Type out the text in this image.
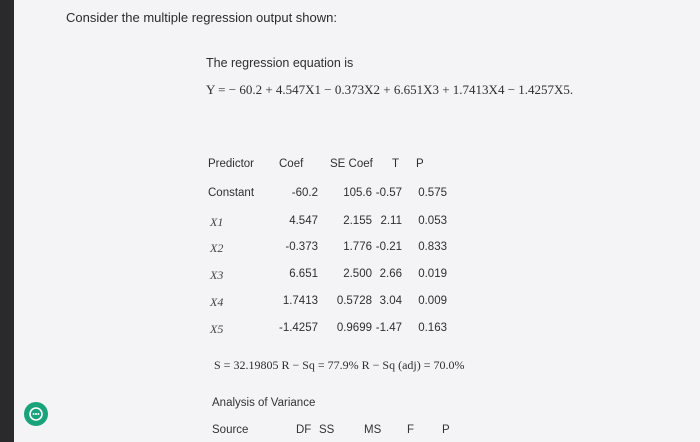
Consider the multiple regression output shown:
The regression equation is
Y = − 60.2 + 4.547X1 − 0.373X2 + 6.651X3 + 1.7413X4 − 1.4257X5.
Predictor Coef SE Coef T P
Constant	-60.2	105.6 -0.57	0.575
X1	4.547	2.155 2.11	0.053
X2	-0.373	1.776 -0.21	0.833
X3	6.651	2.500 2.66	0.019
X4	1.7413	0.5728 3.04	0.009
X5	-1.4257	0.9699 -1.47	0.163
S = 32.19805 R − Sq = 77.9% R − Sq (adj) = 70.0%
Analysis of Variance
Source	DF SS	MS F P
